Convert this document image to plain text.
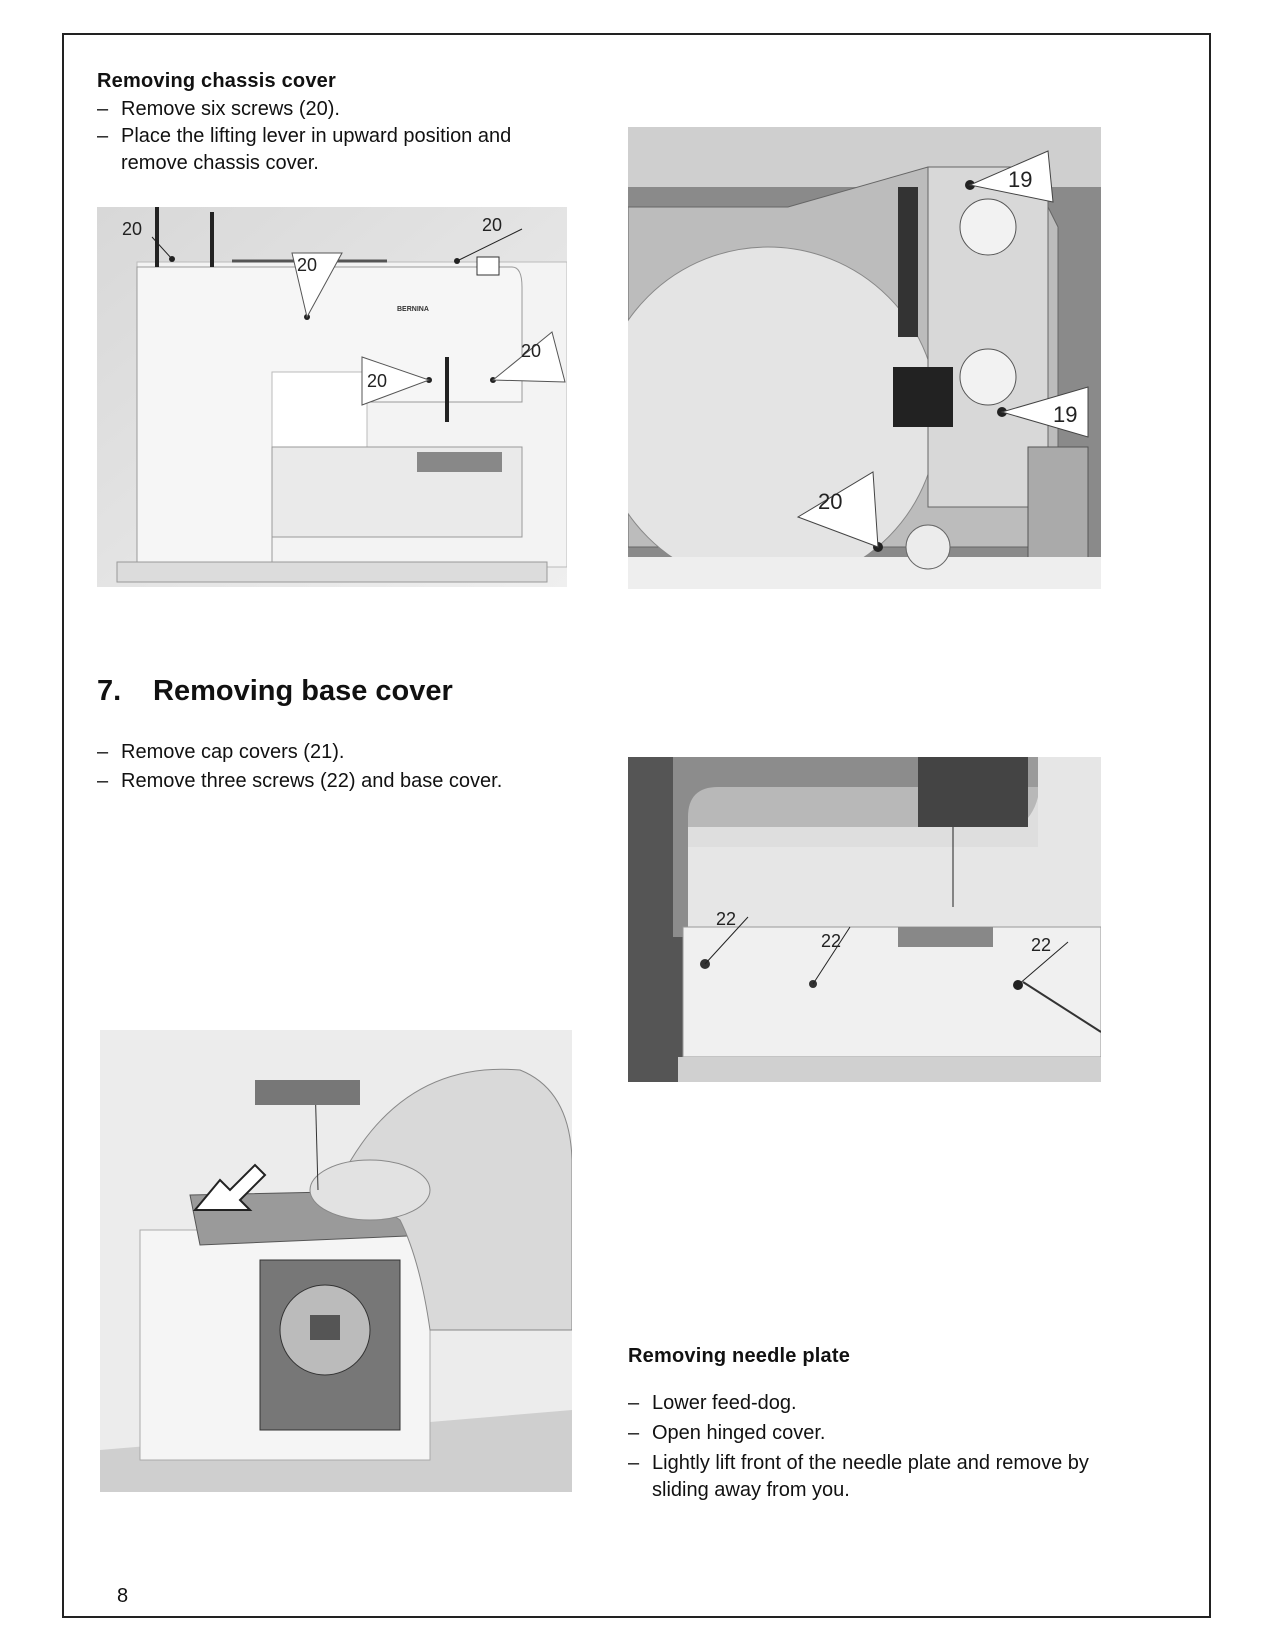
Removing chassis cover
– Remove six screws (20).
– Place the lifting lever in upward position and remove chassis cover.
BERNINA
20	20
20
20
20
19
19
20
7. Removing base cover
– Remove cap covers (21).
– Remove three screws (22) and base cover.
22
22	22
Removing needle plate
– Lower feed-dog.
– Open hinged cover.
– Lightly lift front of the needle plate and remove by sliding away from you.
8
